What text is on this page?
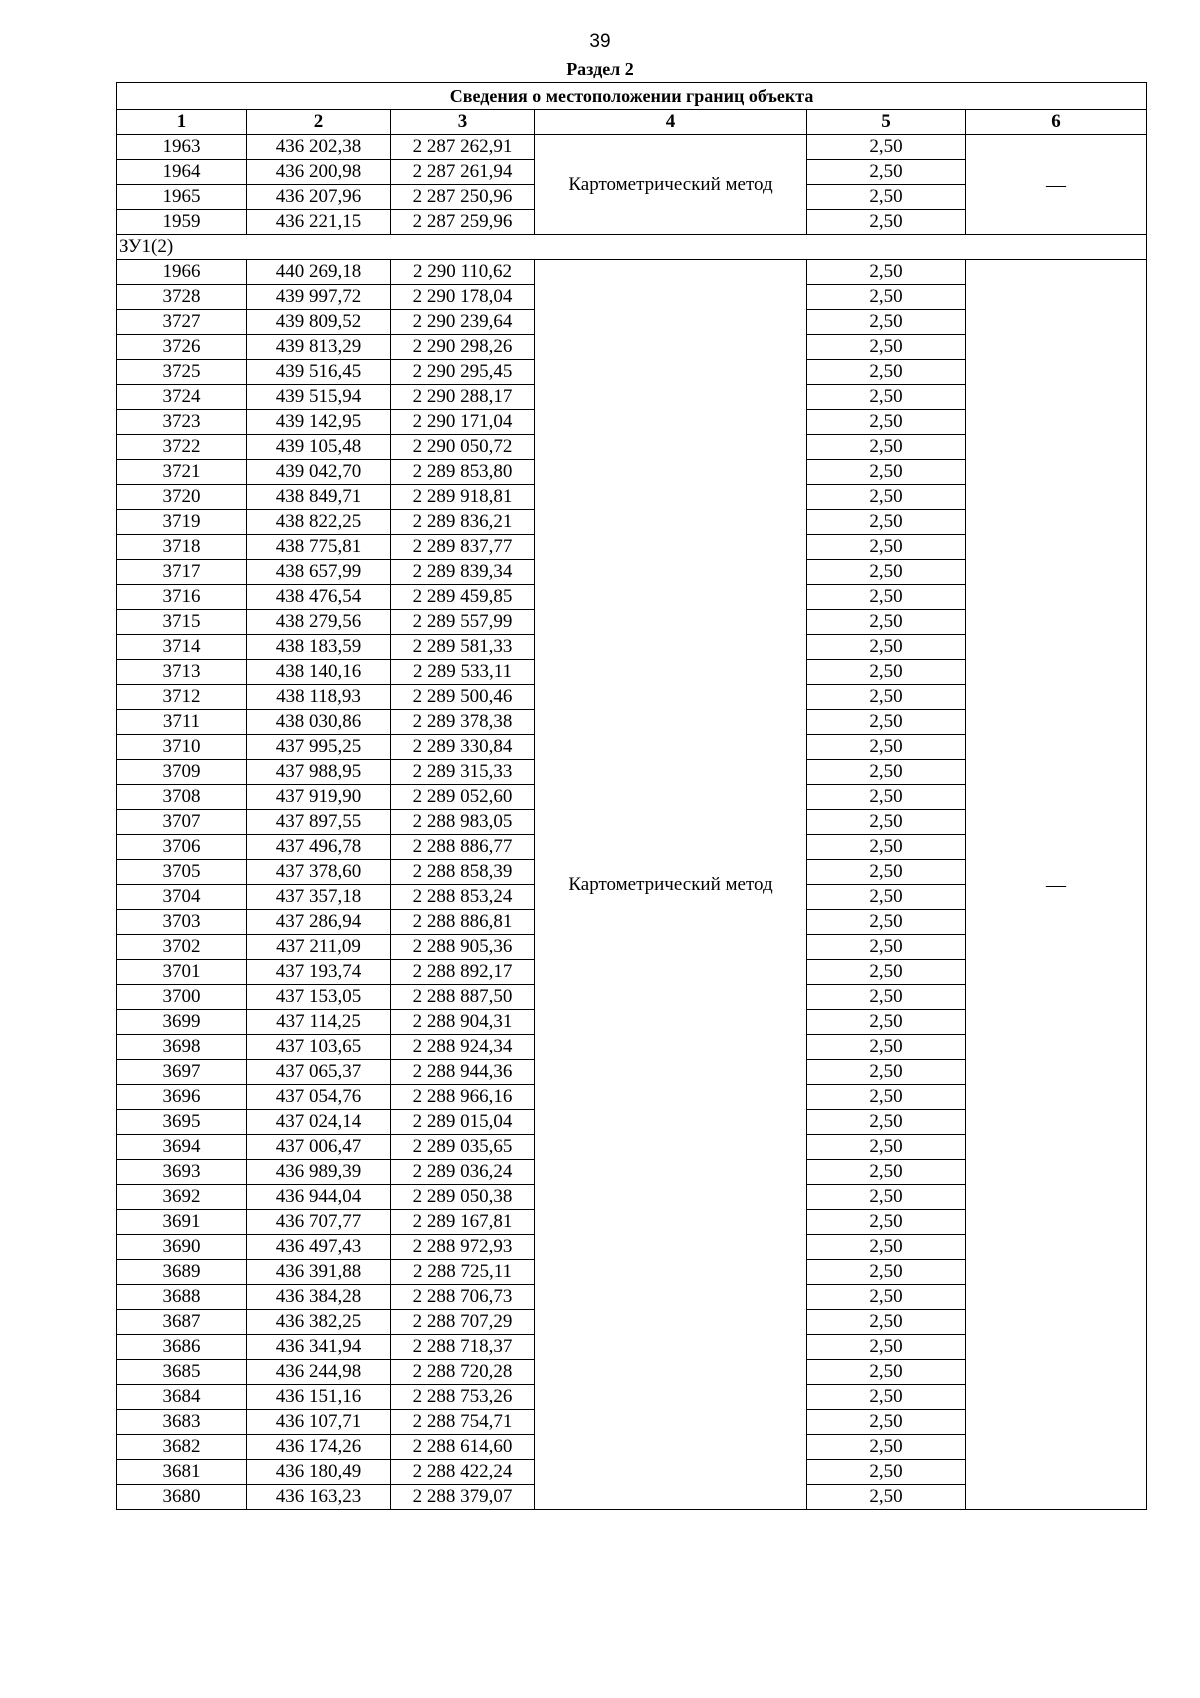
39
Раздел 2
Сведения о местоположении границ объекта					
1	2	3	4	5	6
1963	436 202,38	2 287 262,91	Картометрический метод	2,50	—
1964	436 200,98	2 287 261,94		2,50	
1965	436 207,96	2 287 250,96		2,50	
1959	436 221,15	2 287 259,96		2,50	
ЗУ1(2)					
1966	440 269,18	2 290 110,62	Картометрический метод	2,50	—
3728	439 997,72	2 290 178,04		2,50	
3727	439 809,52	2 290 239,64		2,50	
3726	439 813,29	2 290 298,26		2,50	
3725	439 516,45	2 290 295,45		2,50	
3724	439 515,94	2 290 288,17		2,50	
3723	439 142,95	2 290 171,04		2,50	
3722	439 105,48	2 290 050,72		2,50	
3721	439 042,70	2 289 853,80		2,50	
3720	438 849,71	2 289 918,81		2,50	
3719	438 822,25	2 289 836,21		2,50	
3718	438 775,81	2 289 837,77		2,50	
3717	438 657,99	2 289 839,34		2,50	
3716	438 476,54	2 289 459,85		2,50	
3715	438 279,56	2 289 557,99		2,50	
3714	438 183,59	2 289 581,33		2,50	
3713	438 140,16	2 289 533,11		2,50	
3712	438 118,93	2 289 500,46		2,50	
3711	438 030,86	2 289 378,38		2,50	
3710	437 995,25	2 289 330,84		2,50	
3709	437 988,95	2 289 315,33		2,50	
3708	437 919,90	2 289 052,60		2,50	
3707	437 897,55	2 288 983,05		2,50	
3706	437 496,78	2 288 886,77		2,50	
3705	437 378,60	2 288 858,39		2,50	
3704	437 357,18	2 288 853,24		2,50	
3703	437 286,94	2 288 886,81		2,50	
3702	437 211,09	2 288 905,36		2,50	
3701	437 193,74	2 288 892,17		2,50	
3700	437 153,05	2 288 887,50		2,50	
3699	437 114,25	2 288 904,31		2,50	
3698	437 103,65	2 288 924,34		2,50	
3697	437 065,37	2 288 944,36		2,50	
3696	437 054,76	2 288 966,16		2,50	
3695	437 024,14	2 289 015,04		2,50	
3694	437 006,47	2 289 035,65		2,50	
3693	436 989,39	2 289 036,24		2,50	
3692	436 944,04	2 289 050,38		2,50	
3691	436 707,77	2 289 167,81		2,50	
3690	436 497,43	2 288 972,93		2,50	
3689	436 391,88	2 288 725,11		2,50	
3688	436 384,28	2 288 706,73		2,50	
3687	436 382,25	2 288 707,29		2,50	
3686	436 341,94	2 288 718,37		2,50	
3685	436 244,98	2 288 720,28		2,50	
3684	436 151,16	2 288 753,26		2,50	
3683	436 107,71	2 288 754,71		2,50	
3682	436 174,26	2 288 614,60		2,50	
3681	436 180,49	2 288 422,24		2,50	
3680	436 163,23	2 288 379,07		2,50	
